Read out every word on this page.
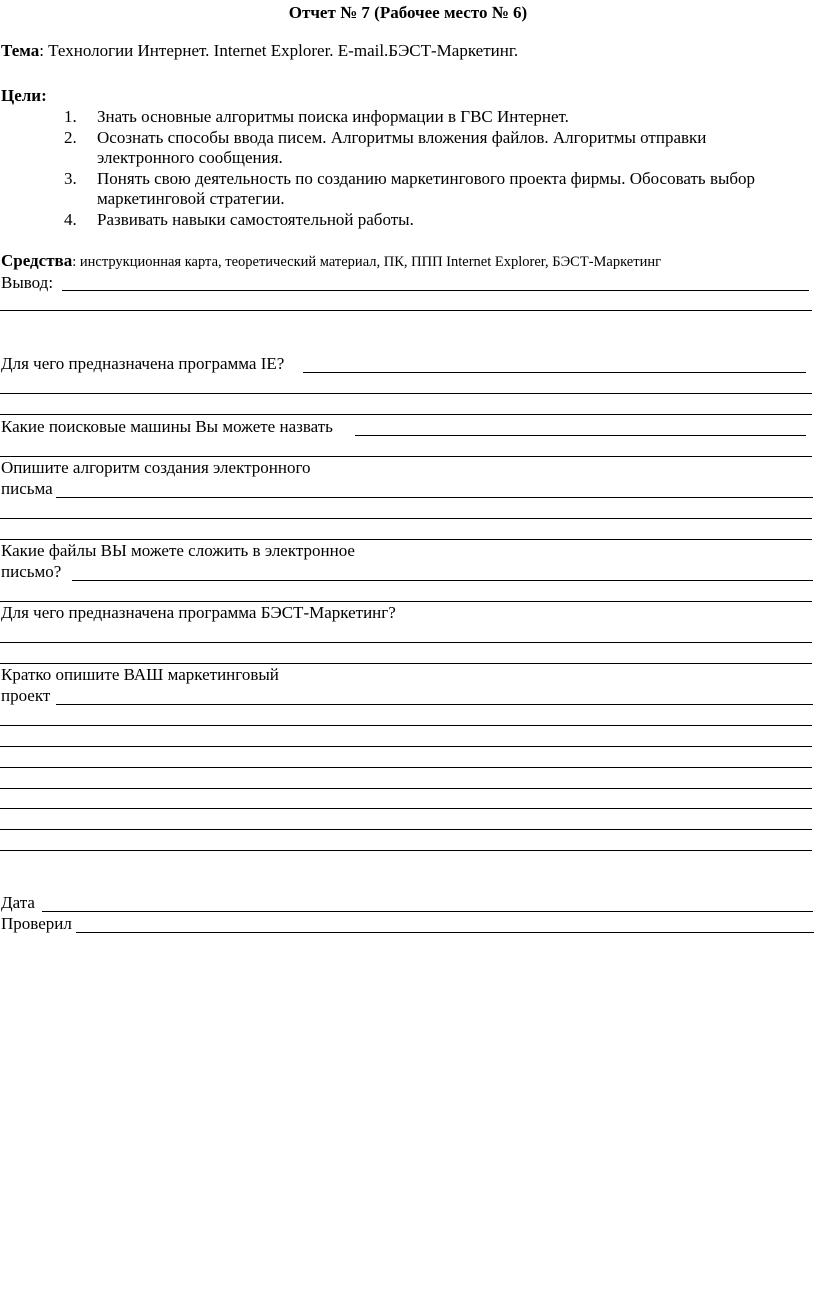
Отчет № 7 (Рабочее место № 6)
Тема: Технологии Интернет. Internet Explorer. E-mail.БЭСТ-Маркетинг.
Цели:
1. Знать основные алгоритмы поиска информации в ГВС Интернет.
2. Осознать способы ввода писем. Алгоритмы вложения файлов. Алгоритмы отправки
электронного сообщения.
3. Понять свою деятельность по созданию маркетингового проекта фирмы. Обосовать выбор
маркетинговой стратегии.
4. Развивать навыки самостоятельной работы.
Средства: инструкционная карта, теоретический материал, ПК, ППП Internet Explorer, БЭСТ-Маркетинг
Вывод:
Для чего предназначена программа IE?
Какие поисковые машины Вы можете назвать
Опишите алгоритм создания электронного
письма
Какие файлы ВЫ можете сложить в электронное
письмо?
Для чего предназначена программа БЭСТ-Маркетинг?
Кратко опишите ВАШ маркетинговый
проект
Дата
Проверил
